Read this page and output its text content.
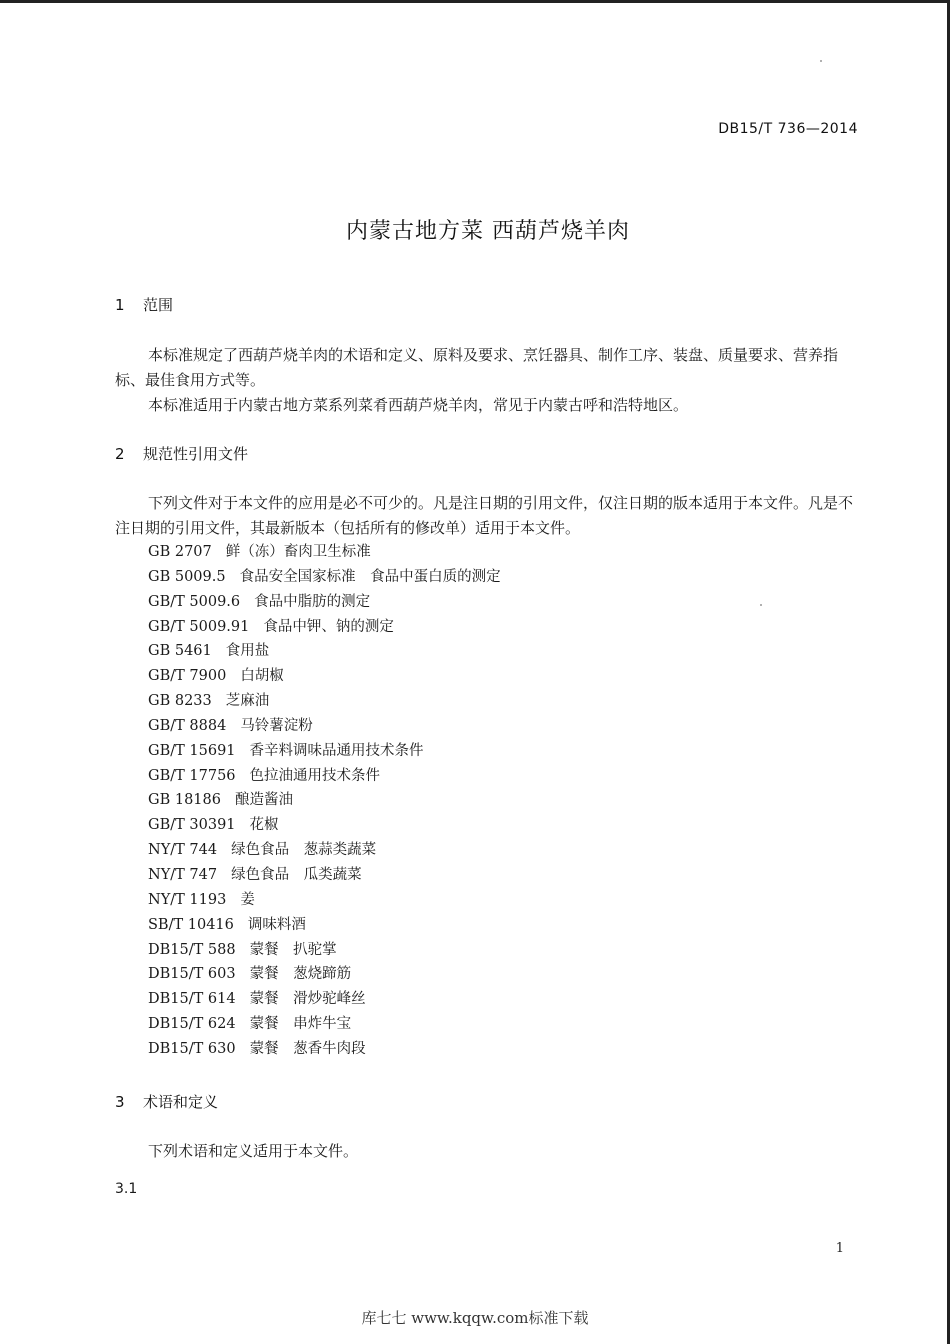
DB15/T 736—2014
内蒙古地方菜 西葫芦烧羊肉
1 范围
本标准规定了西葫芦烧羊肉的术语和定义、原料及要求、烹饪器具、制作工序、装盘、质量要求、营养指标、最佳食用方式等。
本标准适用于内蒙古地方菜系列菜肴西葫芦烧羊肉，常见于内蒙古呼和浩特地区。
2 规范性引用文件
下列文件对于本文件的应用是必不可少的。凡是注日期的引用文件，仅注日期的版本适用于本文件。凡是不注日期的引用文件，其最新版本（包括所有的修改单）适用于本文件。
GB 2707 鲜（冻）畜肉卫生标准
GB 5009.5 食品安全国家标准　食品中蛋白质的测定
GB/T 5009.6 食品中脂肪的测定
GB/T 5009.91 食品中钾、钠的测定
GB 5461 食用盐
GB/T 7900 白胡椒
GB 8233 芝麻油
GB/T 8884 马铃薯淀粉
GB/T 15691 香辛料调味品通用技术条件
GB/T 17756 色拉油通用技术条件
GB 18186 酿造酱油
GB/T 30391 花椒
NY/T 744 绿色食品　葱蒜类蔬菜
NY/T 747 绿色食品　瓜类蔬菜
NY/T 1193 姜
SB/T 10416 调味料酒
DB15/T 588 蒙餐　扒驼掌
DB15/T 603 蒙餐　葱烧蹄筋
DB15/T 614 蒙餐　滑炒驼峰丝
DB15/T 624 蒙餐　串炸牛宝
DB15/T 630 蒙餐　葱香牛肉段
3 术语和定义
下列术语和定义适用于本文件。
3.1
1
库七七 www.kqqw.com标准下载
